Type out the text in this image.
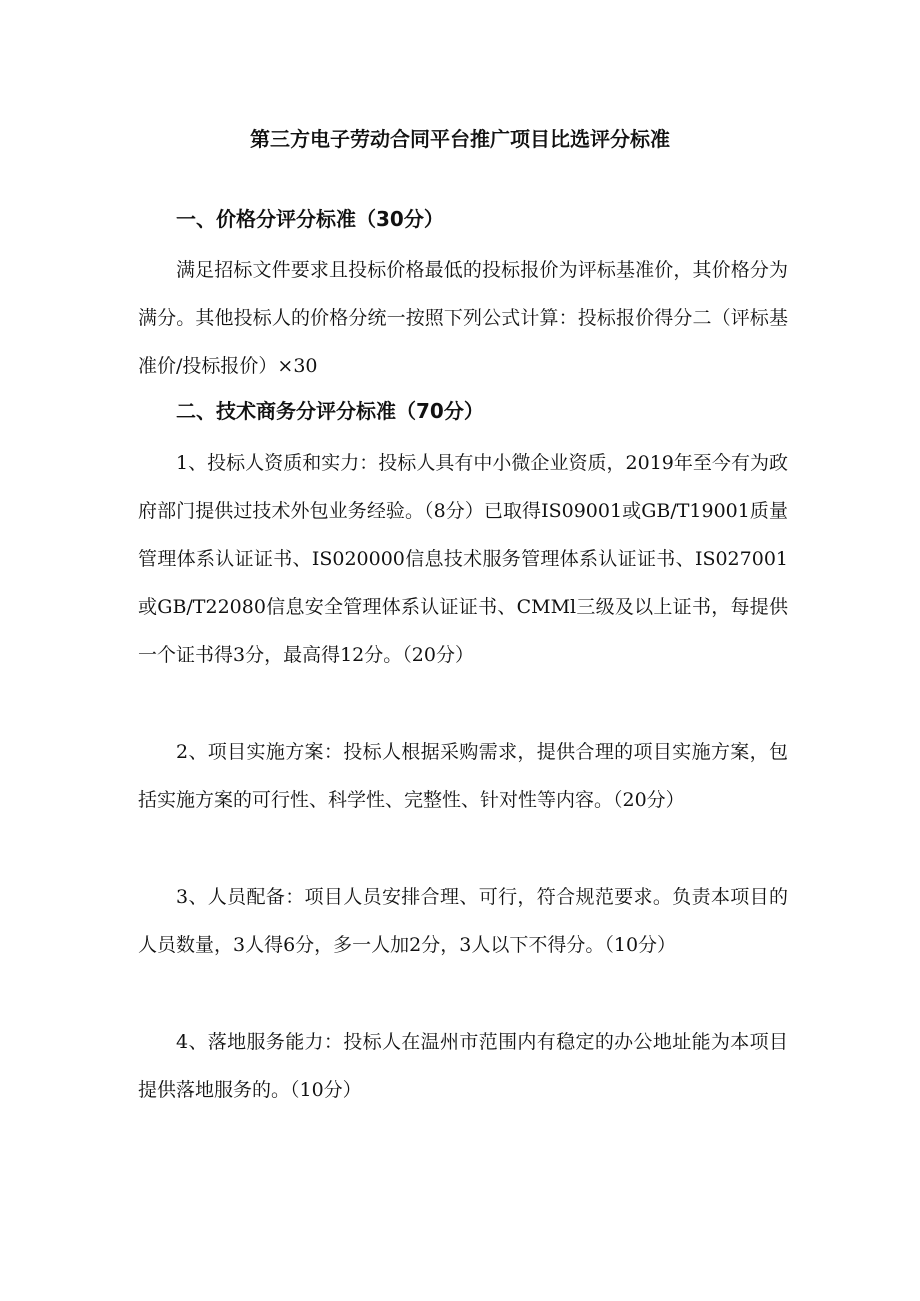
第三方电子劳动合同平台推广项目比选评分标准
一、价格分评分标准（30分）
满足招标文件要求且投标价格最低的投标报价为评标基准价，其价格分为满分。其他投标人的价格分统一按照下列公式计算：投标报价得分二（评标基准价/投标报价）×30
二、技术商务分评分标准（70分）
1、投标人资质和实力：投标人具有中小微企业资质，2019年至今有为政府部门提供过技术外包业务经验。（8分）已取得IS09001或GB/T19001质量管理体系认证证书、IS020000信息技术服务管理体系认证证书、IS027001或GB/T22080信息安全管理体系认证证书、CMMl三级及以上证书，每提供一个证书得3分，最高得12分。（20分）
2、项目实施方案：投标人根据采购需求，提供合理的项目实施方案，包括实施方案的可行性、科学性、完整性、针对性等内容。（20分）
3、人员配备：项目人员安排合理、可行，符合规范要求。负责本项目的人员数量，3人得6分，多一人加2分，3人以下不得分。（10分）
4、落地服务能力：投标人在温州市范围内有稳定的办公地址能为本项目提供落地服务的。（10分）
